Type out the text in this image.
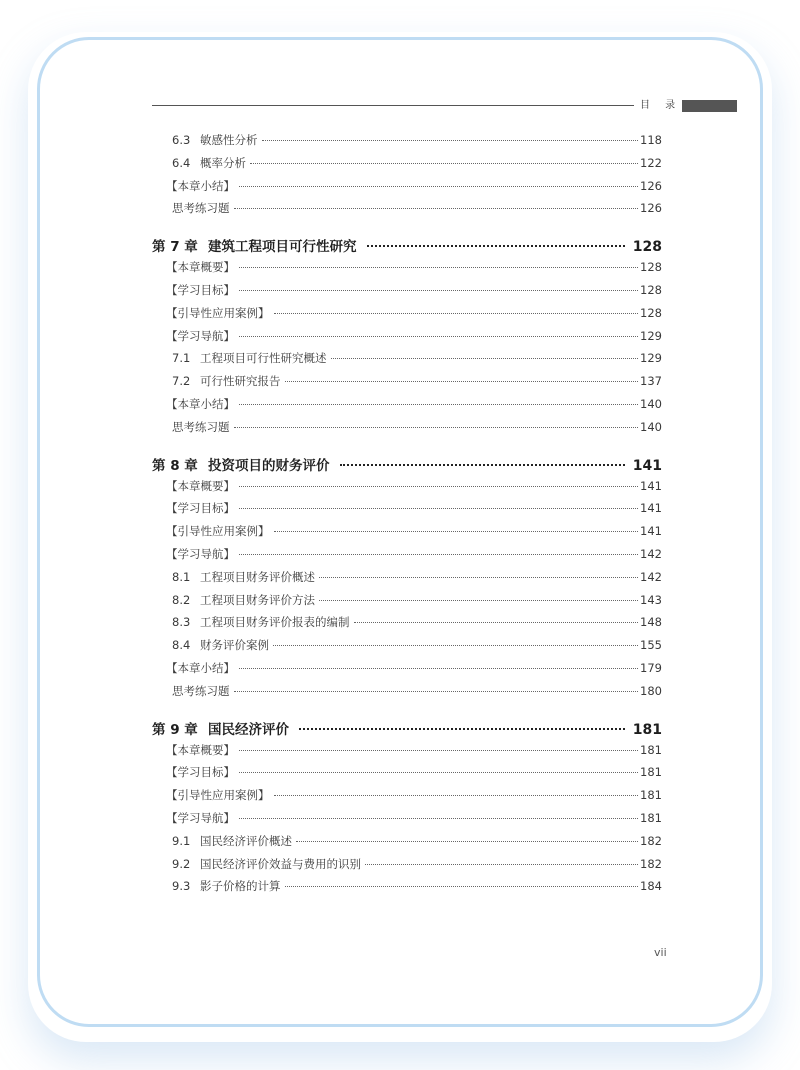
目 录
6.3 敏感性分析	118
6.4 概率分析	122
【本章小结】	126
思考练习题	126
第 7 章 建筑工程项目可行性研究	128
【本章概要】	128
【学习目标】	128
【引导性应用案例】	128
【学习导航】	129
7.1 工程项目可行性研究概述	129
7.2 可行性研究报告	137
【本章小结】	140
思考练习题	140
第 8 章 投资项目的财务评价	141
【本章概要】	141
【学习目标】	141
【引导性应用案例】	141
【学习导航】	142
8.1 工程项目财务评价概述	142
8.2 工程项目财务评价方法	143
8.3 工程项目财务评价报表的编制	148
8.4 财务评价案例	155
【本章小结】	179
思考练习题	180
第 9 章 国民经济评价	181
【本章概要】	181
【学习目标】	181
【引导性应用案例】	181
【学习导航】	181
9.1 国民经济评价概述	182
9.2 国民经济评价效益与费用的识别	182
9.3 影子价格的计算	184
vii
